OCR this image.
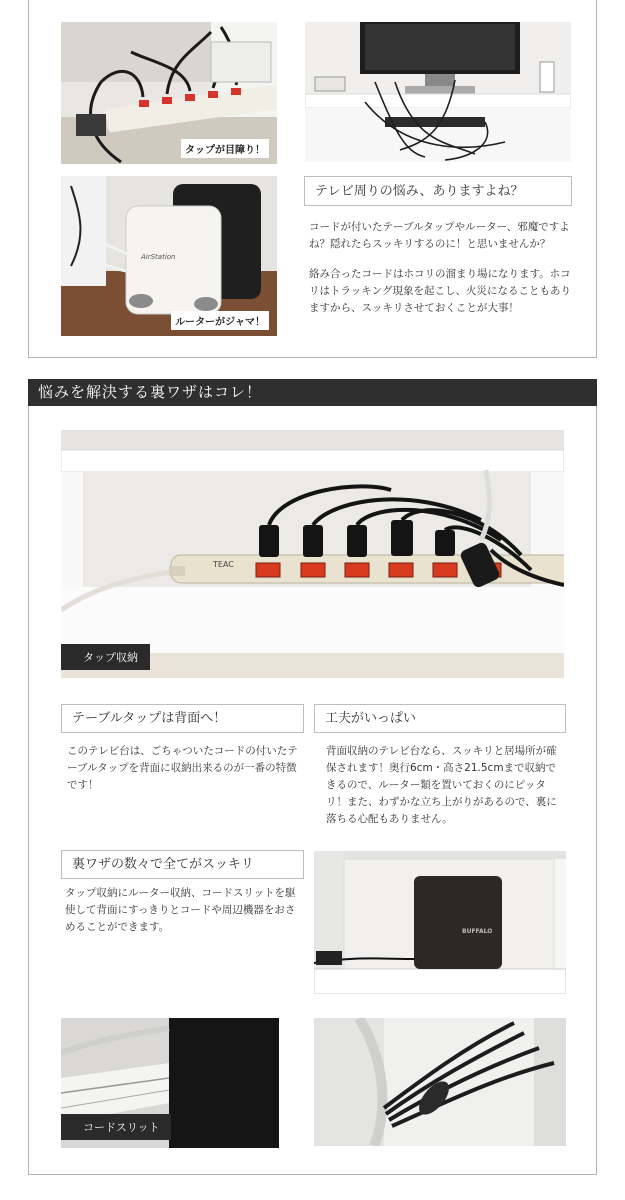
タップが目障り！
AirStation
ルーターがジャマ！
テレビ周りの悩み、ありますよね？

コードが付いたテーブルタップやルーター、邪魔ですよね？隠れたらスッキリするのに！と思いませんか？

絡み合ったコードはホコリの溜まり場になります。ホコリはトラッキング現象を起こし、火災になることもありますから、スッキリさせておくことが大事！

悩みを解決する裏ワザはコレ！
TEAC
タップ収納
テーブルタップは背面へ！
このテレビ台は、ごちゃついたコードの付いたテーブルタップを背面に収納出来るのが一番の特徴です！
工夫がいっぱい
背面収納のテレビ台なら、スッキリと居場所が確保されます！奥行6cm・高さ21.5cmまで収納できるので、ルーター類を置いておくのにピッタリ！また、わずかな立ち上がりがあるので、裏に落ちる心配もありません。
裏ワザの数々で全てがスッキリ
タップ収納にルーター収納、コードスリットを駆使して背面にすっきりとコードや周辺機器をおさめることができます。	BUFFALO
コードスリット
